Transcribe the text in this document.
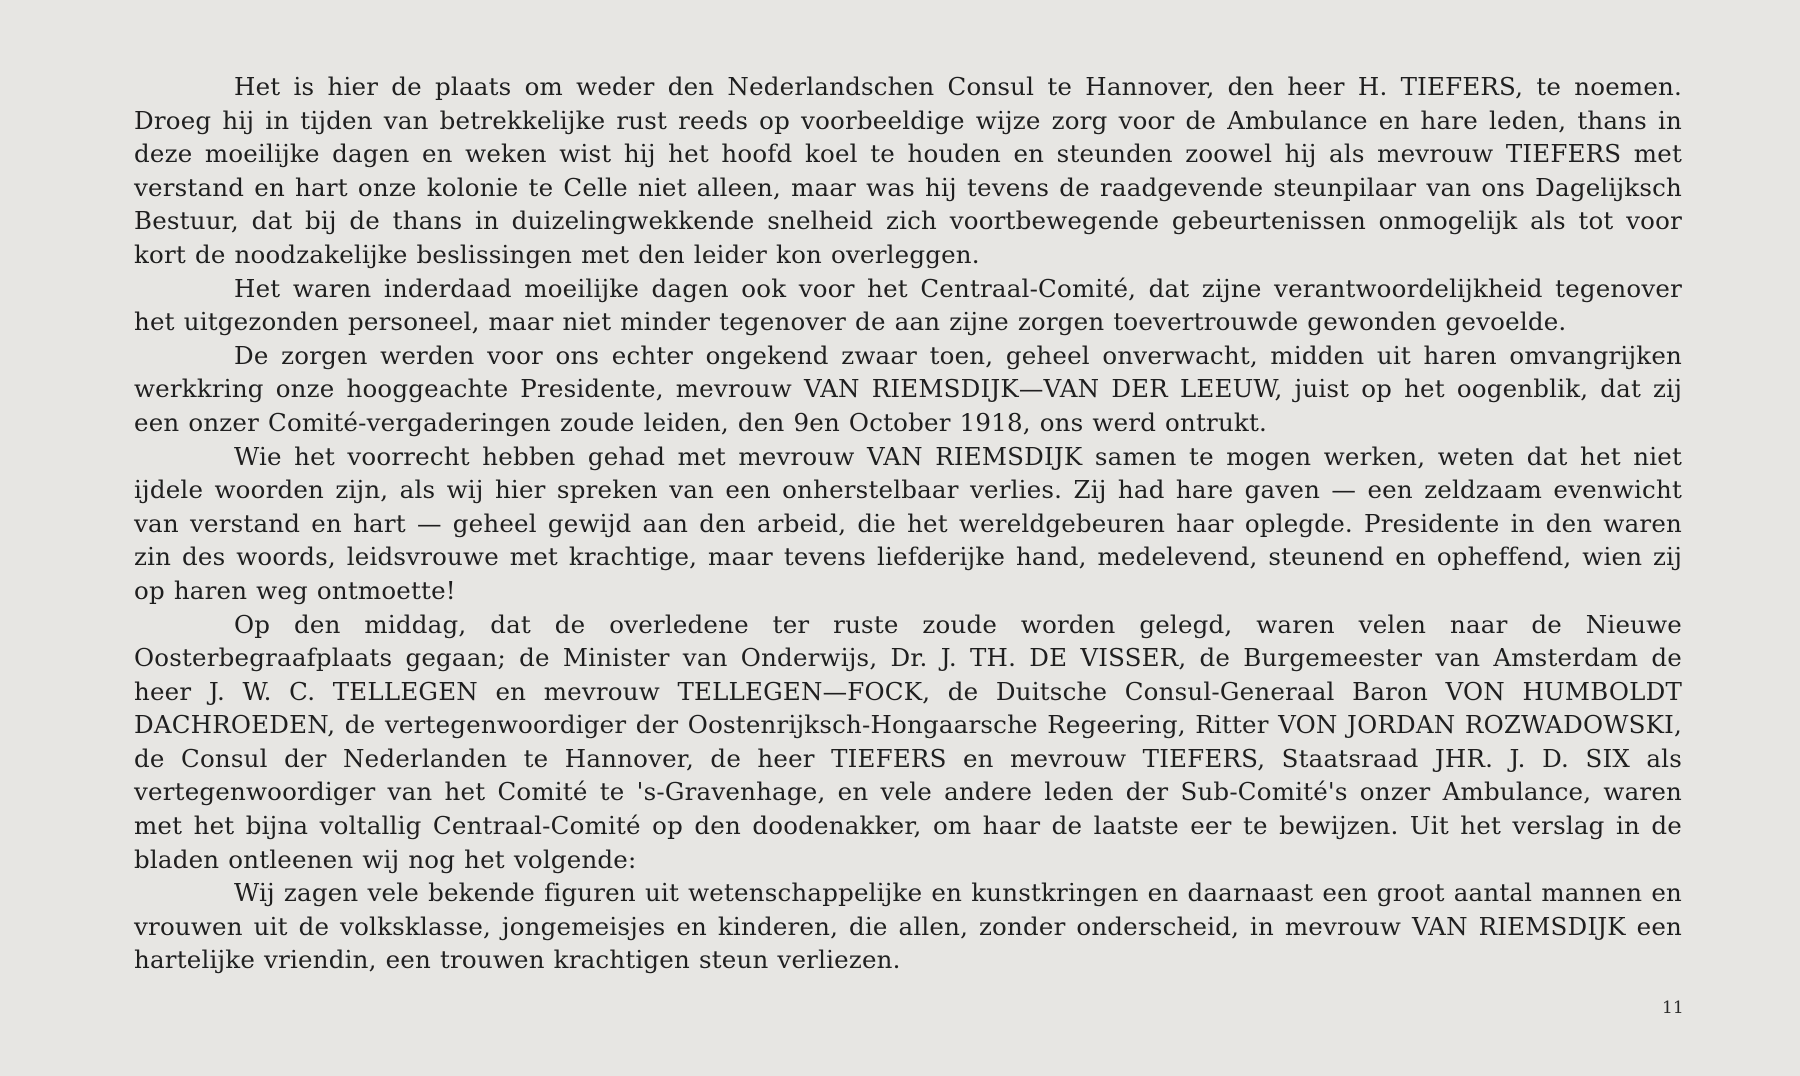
Het is hier de plaats om weder den Nederlandschen Consul te Hannover, den heer H. TIEFERS, te noemen. Droeg hij in tijden van betrekkelijke rust reeds op voorbeeldige wijze zorg voor de Ambulance en hare leden, thans in deze moeilijke dagen en weken wist hij het hoofd koel te houden en steunden zoowel hij als mevrouw TIEFERS met verstand en hart onze kolonie te Celle niet alleen, maar was hij tevens de raadgevende steunpilaar van ons Dagelijksch Bestuur, dat bij de thans in duizelingwekkende snelheid zich voortbewegende gebeurtenissen onmogelijk als tot voor kort de noodzakelijke beslissingen met den leider kon overleggen.

Het waren inderdaad moeilijke dagen ook voor het Centraal-Comité, dat zijne verantwoordelijkheid tegenover het uitgezonden personeel, maar niet minder tegenover de aan zijne zorgen toevertrouwde gewonden gevoelde.

De zorgen werden voor ons echter ongekend zwaar toen, geheel onverwacht, midden uit haren omvangrijken werkkring onze hooggeachte Presidente, mevrouw VAN RIEMSDIJK—VAN DER LEEUW, juist op het oogenblik, dat zij een onzer Comité-vergaderingen zoude leiden, den 9en October 1918, ons werd ontrukt.

Wie het voorrecht hebben gehad met mevrouw VAN RIEMSDIJK samen te mogen werken, weten dat het niet ijdele woorden zijn, als wij hier spreken van een onherstelbaar verlies. Zij had hare gaven — een zeldzaam evenwicht van verstand en hart — geheel gewijd aan den arbeid, die het wereldgebeuren haar oplegde. Presidente in den waren zin des woords, leidsvrouwe met krachtige, maar tevens liefderijke hand, medelevend, steunend en opheffend, wien zij op haren weg ontmoette!

Op den middag, dat de overledene ter ruste zoude worden gelegd, waren velen naar de Nieuwe Oosterbegraafplaats gegaan; de Minister van Onderwijs, Dr. J. TH. DE VISSER, de Burgemeester van Amsterdam de heer J. W. C. TELLEGEN en mevrouw TELLEGEN—FOCK, de Duitsche Consul-Generaal Baron VON HUMBOLDT DACHROEDEN, de vertegenwoordiger der Oostenrijksch-Hongaarsche Regeering, Ritter VON JORDAN ROZWADOWSKI, de Consul der Nederlanden te Hannover, de heer TIEFERS en mevrouw TIEFERS, Staatsraad JHR. J. D. SIX als vertegenwoordiger van het Comité te 's-Gravenhage, en vele andere leden der Sub-Comité's onzer Ambulance, waren met het bijna voltallig Centraal-Comité op den doodenakker, om haar de laatste eer te bewijzen. Uit het verslag in de bladen ontleenen wij nog het volgende:

Wij zagen vele bekende figuren uit wetenschappelijke en kunstkringen en daarnaast een groot aantal mannen en vrouwen uit de volksklasse, jongemeisjes en kinderen, die allen, zonder onderscheid, in mevrouw VAN RIEMSDIJK een hartelijke vriendin, een trouwen krachtigen steun verliezen.

11
